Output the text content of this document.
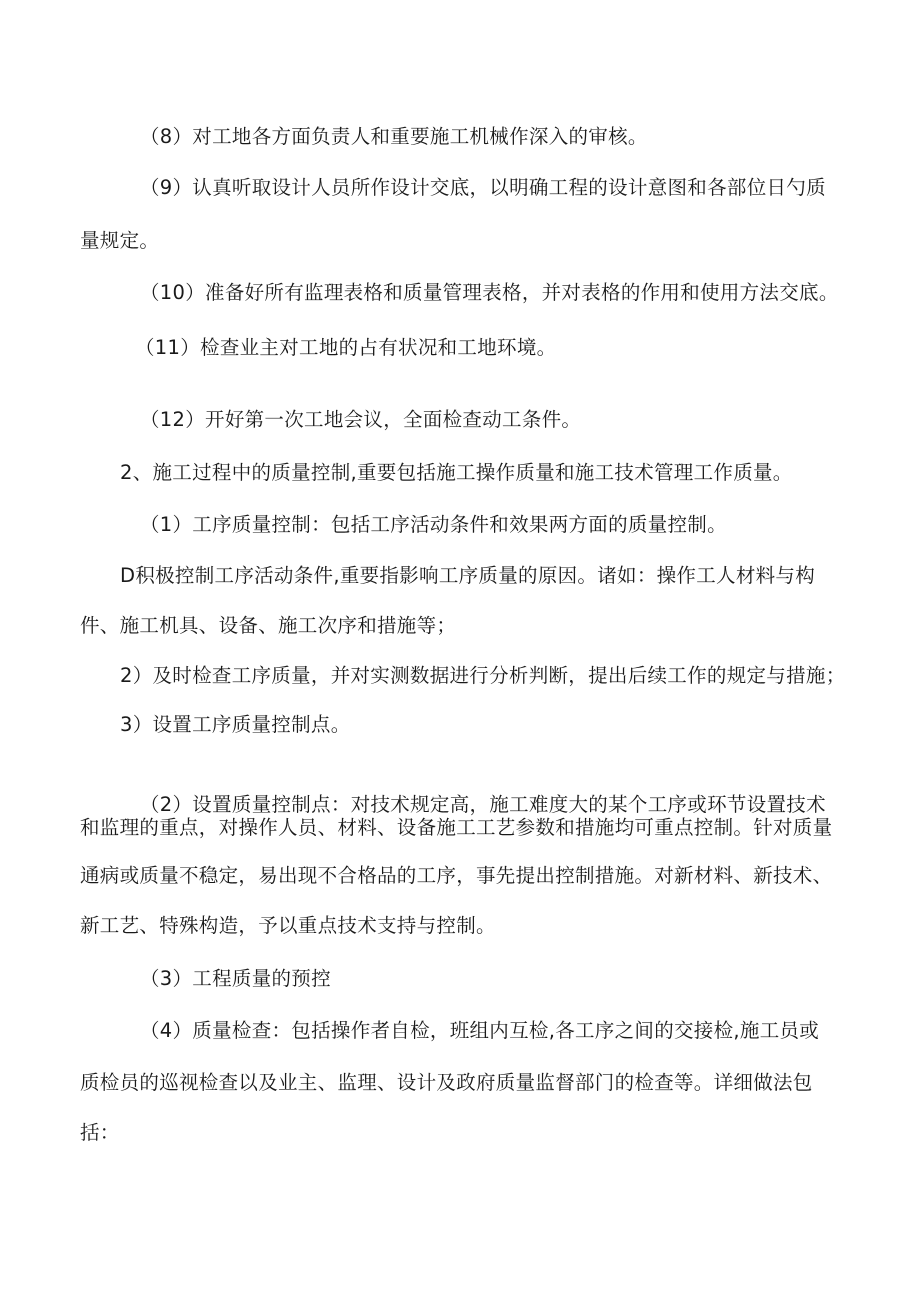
（8）对工地各方面负责人和重要施工机械作深入的审核。
（9）认真听取设计人员所作设计交底，以明确工程的设计意图和各部位日勺质
量规定。
（10）准备好所有监理表格和质量管理表格，并对表格的作用和使用方法交底。
（11）检查业主对工地的占有状况和工地环境。
（12）开好第一次工地会议，全面检查动工条件。
2、施工过程中的质量控制,重要包括施工操作质量和施工技术管理工作质量。
（1）工序质量控制：包括工序活动条件和效果两方面的质量控制。
D积极控制工序活动条件,重要指影响工序质量的原因。诸如：操作工人材料与构
件、施工机具、设备、施工次序和措施等；
2）及时检查工序质量，并对实测数据进行分析判断，提出后续工作的规定与措施；
3）设置工序质量控制点。
（2）设置质量控制点：对技术规定高，施工难度大的某个工序或环节设置技术
和监理的重点，对操作人员、材料、设备施工工艺参数和措施均可重点控制。针对质量
通病或质量不稳定，易出现不合格品的工序，事先提出控制措施。对新材料、新技术、
新工艺、特殊构造，予以重点技术支持与控制。
（3）工程质量的预控
（4）质量检查：包括操作者自检，班组内互检,各工序之间的交接检,施工员或
质检员的巡视检查以及业主、监理、设计及政府质量监督部门的检查等。详细做法包
括：
